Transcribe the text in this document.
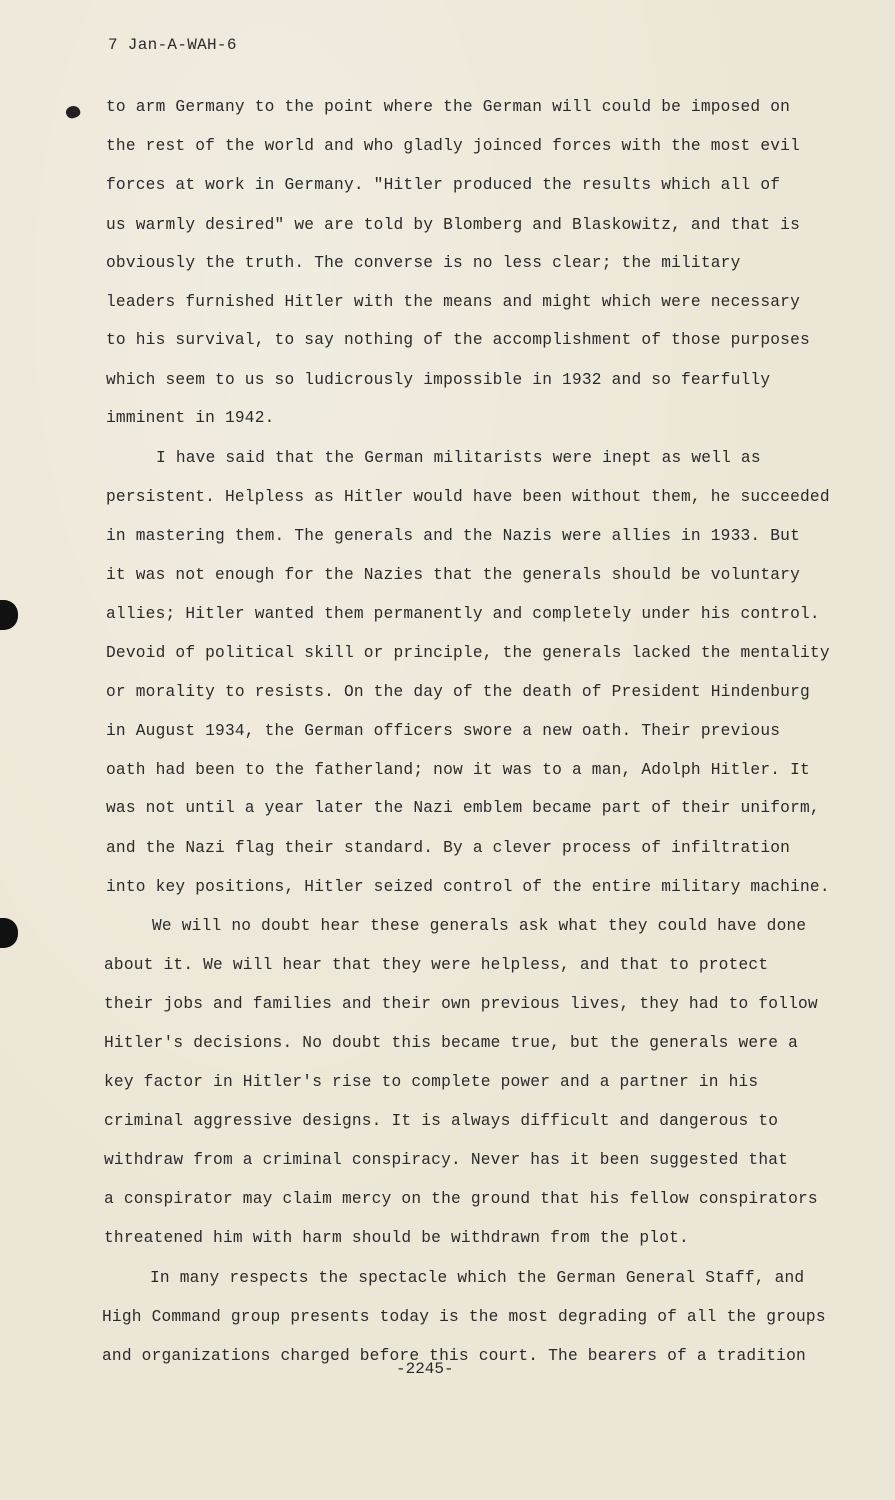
7 Jan-A-WAH-6
to arm Germany to the point where the German will could be imposed on
the rest of the world and who gladly joinced forces with the most evil
forces at work in Germany. "Hitler produced the results which all of
us warmly desired" we are told by Blomberg and Blaskowitz, and that is
obviously the truth. The converse is no less clear; the military
leaders furnished Hitler with the means and might which were necessary
to his survival, to say nothing of the accomplishment of those purposes
which seem to us so ludicrously impossible in 1932 and so fearfully
imminent in 1942.
I have said that the German militarists were inept as well as
persistent. Helpless as Hitler would have been without them, he succeeded
in mastering them. The generals and the Nazis were allies in 1933. But
it was not enough for the Nazies that the generals should be voluntary
allies; Hitler wanted them permanently and completely under his control.
Devoid of political skill or principle, the generals lacked the mentality
or morality to resists. On the day of the death of President Hindenburg
in August 1934, the German officers swore a new oath. Their previous
oath had been to the fatherland; now it was to a man, Adolph Hitler. It
was not until a year later the Nazi emblem became part of their uniform,
and the Nazi flag their standard. By a clever process of infiltration
into key positions, Hitler seized control of the entire military machine.
We will no doubt hear these generals ask what they could have done
about it. We will hear that they were helpless, and that to protect
their jobs and families and their own previous lives, they had to follow
Hitler's decisions. No doubt this became true, but the generals were a
key factor in Hitler's rise to complete power and a partner in his
criminal aggressive designs. It is always difficult and dangerous to
withdraw from a criminal conspiracy. Never has it been suggested that
a conspirator may claim mercy on the ground that his fellow conspirators
threatened him with harm should be withdrawn from the plot.
In many respects the spectacle which the German General Staff, and
High Command group presents today is the most degrading of all the groups
and organizations charged before this court. The bearers of a tradition
-2245-
